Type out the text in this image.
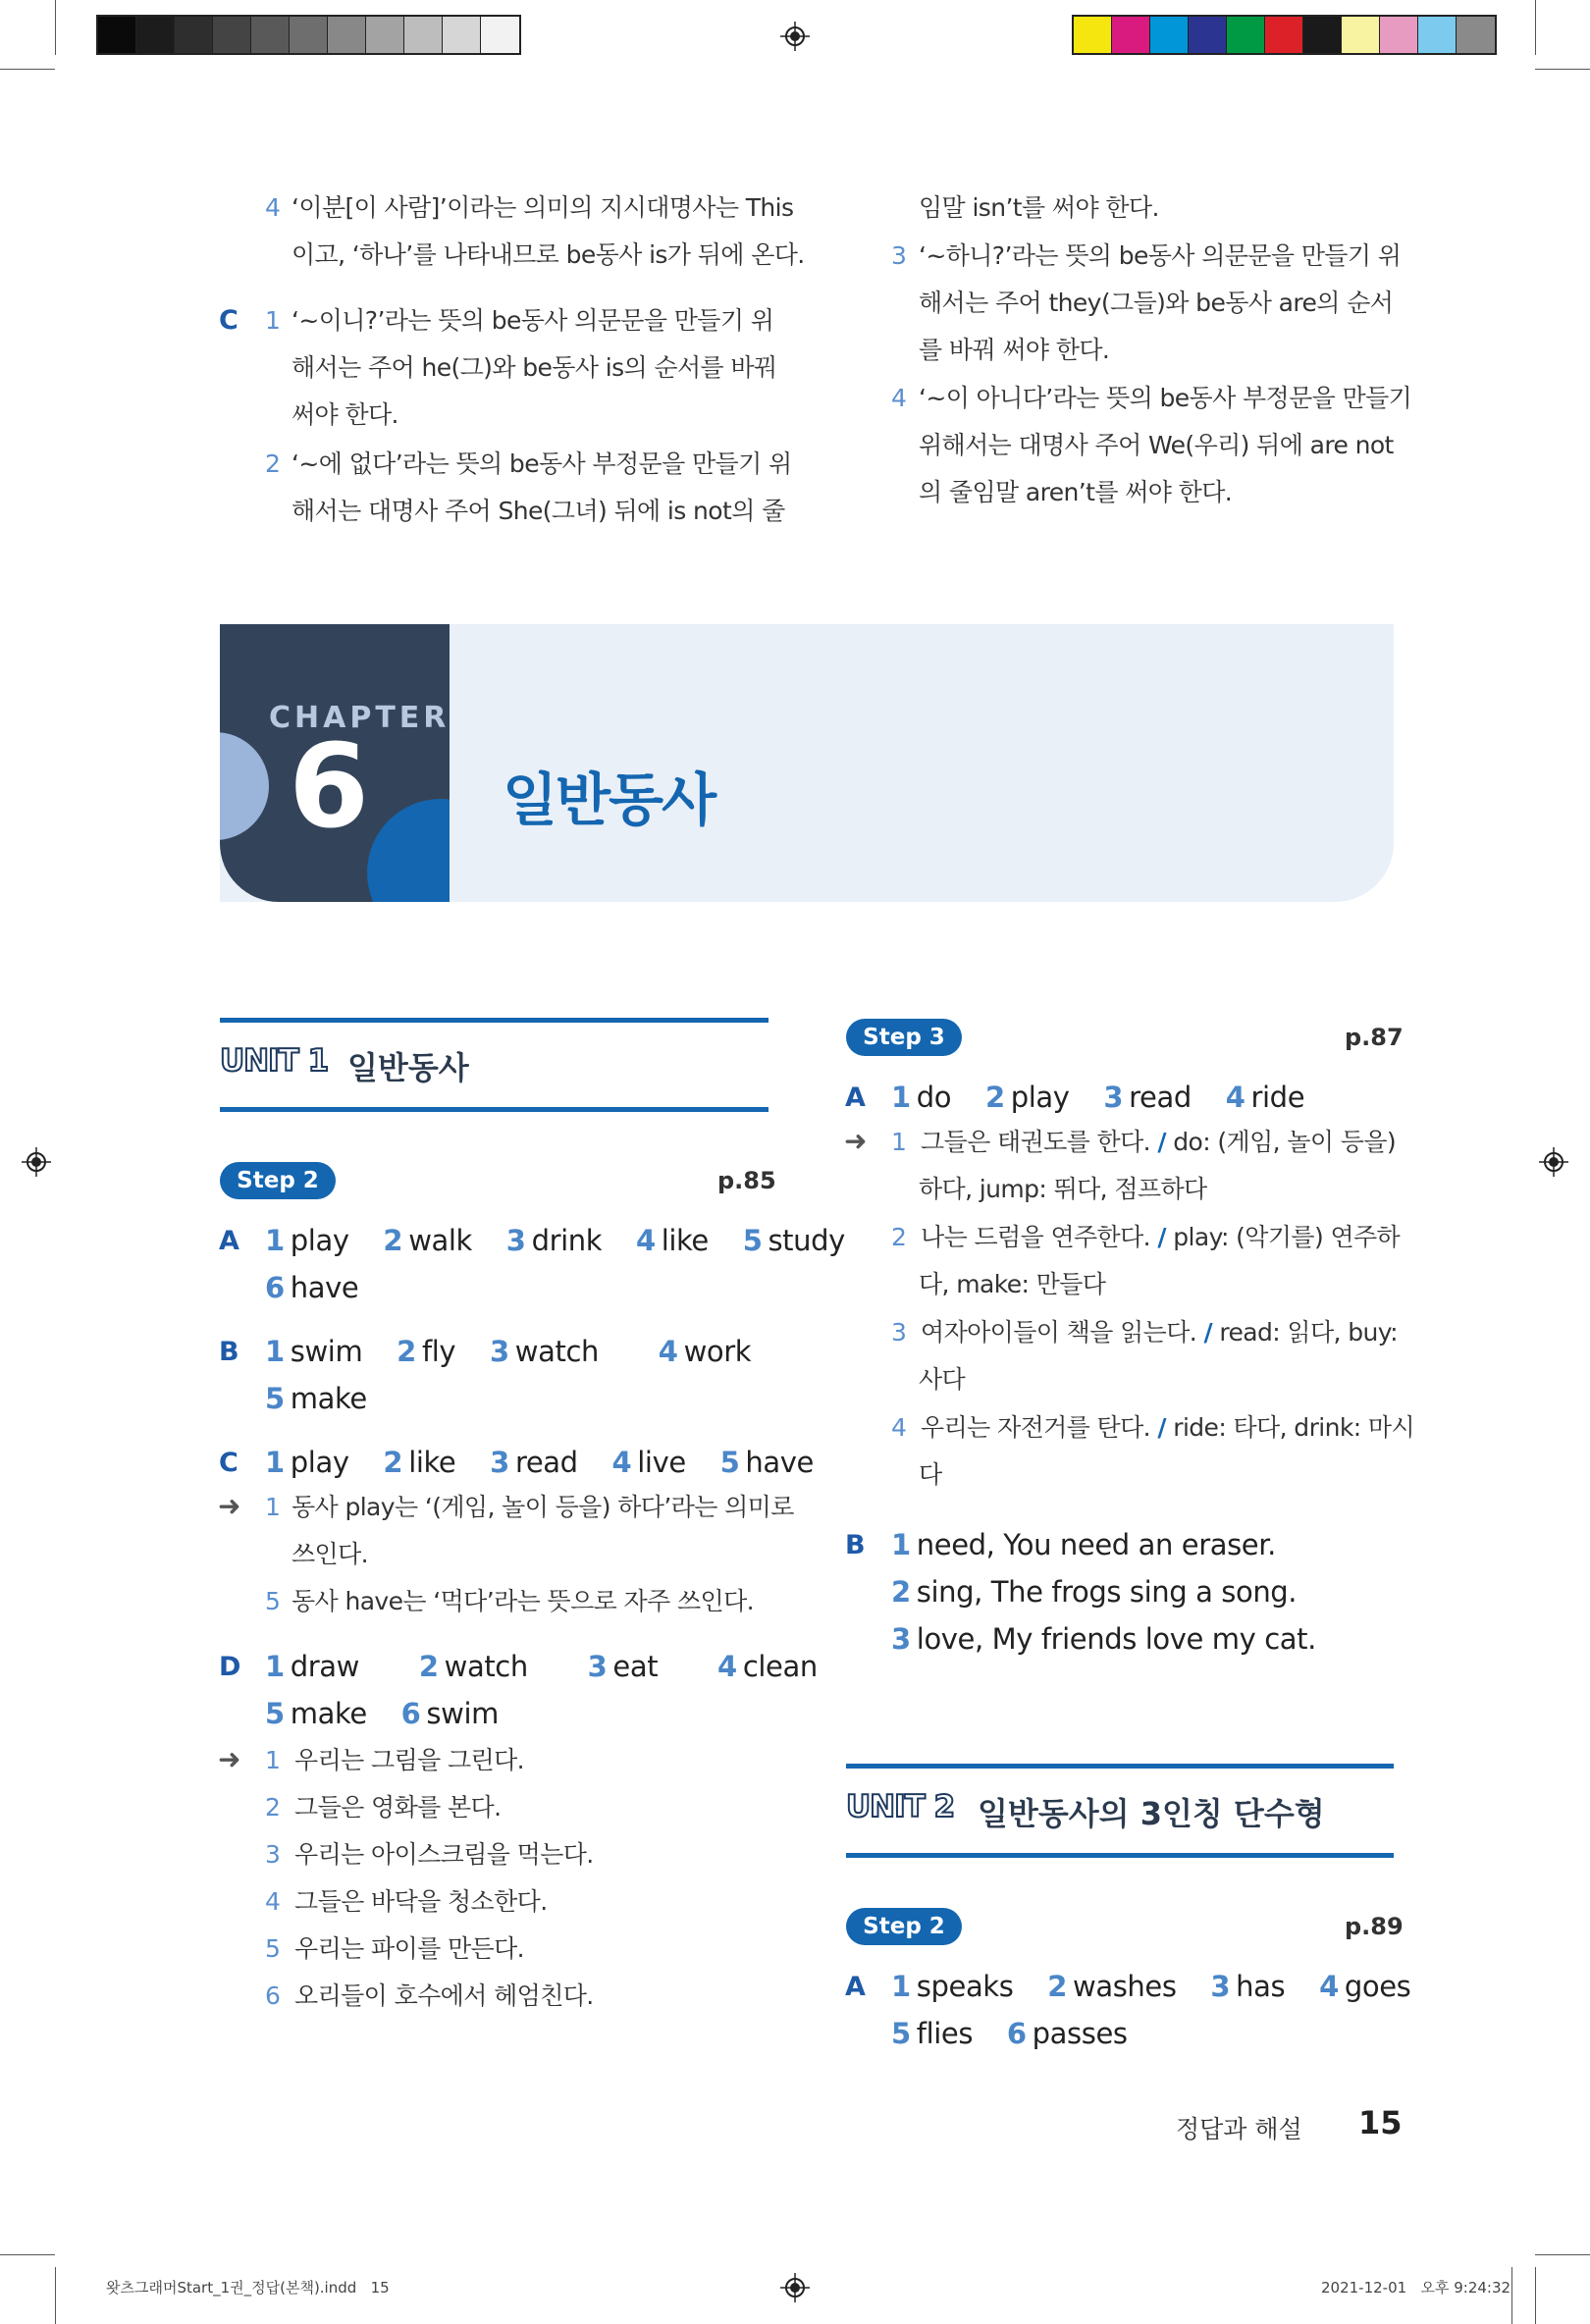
4 ‘이분[이 사람]’이라는 의미의 지시대명사는 This
이고, ‘하나’를 나타내므로 be동사 is가 뒤에 온다.
C 1 ‘~이니?’라는 뜻의 be동사 의문문을 만들기 위
해서는 주어 he(그)와 be동사 is의 순서를 바꿔
써야 한다.
2 ‘~에 없다’라는 뜻의 be동사 부정문을 만들기 위
해서는 대명사 주어 She(그녀) 뒤에 is not의 줄
임말 isn’t를 써야 한다.
3 ‘~하니?’라는 뜻의 be동사 의문문을 만들기 위
해서는 주어 they(그들)와 be동사 are의 순서
를 바꿔 써야 한다.
4 ‘~이 아니다’라는 뜻의 be동사 부정문을 만들기
위해서는 대명사 주어 We(우리) 뒤에 are not
의 줄임말 aren’t를 써야 한다.
CHAPTER
6 일반동사
UNIT 1 일반동사
Step 2	p.85
A 1 play 2 walk 3 drink 4 like 5 study
6 have
B 1 swim 2 fly 3 watch 4 work
5 make
C 1 play 2 like 3 read 4 live 5 have
➜ 1 동사 play는 ‘(게임, 놀이 등을) 하다’라는 의미로
쓰인다.
5 동사 have는 ‘먹다’라는 뜻으로 자주 쓰인다.
D 1 draw 2 watch 3 eat 4 clean
5 make 6 swim
➜ 1 우리는 그림을 그린다.
2 그들은 영화를 본다.
3 우리는 아이스크림을 먹는다.
4 그들은 바닥을 청소한다.
5 우리는 파이를 만든다.
6 오리들이 호수에서 헤엄친다.
Step 3	p.87
A 1 do 2 play 3 read 4 ride
➜ 1 그들은 태권도를 한다. / do: (게임, 놀이 등을)
하다, jump: 뛰다, 점프하다
2 나는 드럼을 연주한다. / play: (악기를) 연주하
다, make: 만들다
3 여자아이들이 책을 읽는다. / read: 읽다, buy:
사다
4 우리는 자전거를 탄다. / ride: 타다, drink: 마시
다
B 1 need, You need an eraser.
2 sing, The frogs sing a song.
3 love, My friends love my cat.
UNIT 2 일반동사의 3인칭 단수형
Step 2	p.89
A 1 speaks 2 washes 3 has 4 goes
5 flies 6 passes
정답과 해설 15
왓츠그래머Start_1권_정답(본책).indd   15	2021-12-01   오후 9:24:32
